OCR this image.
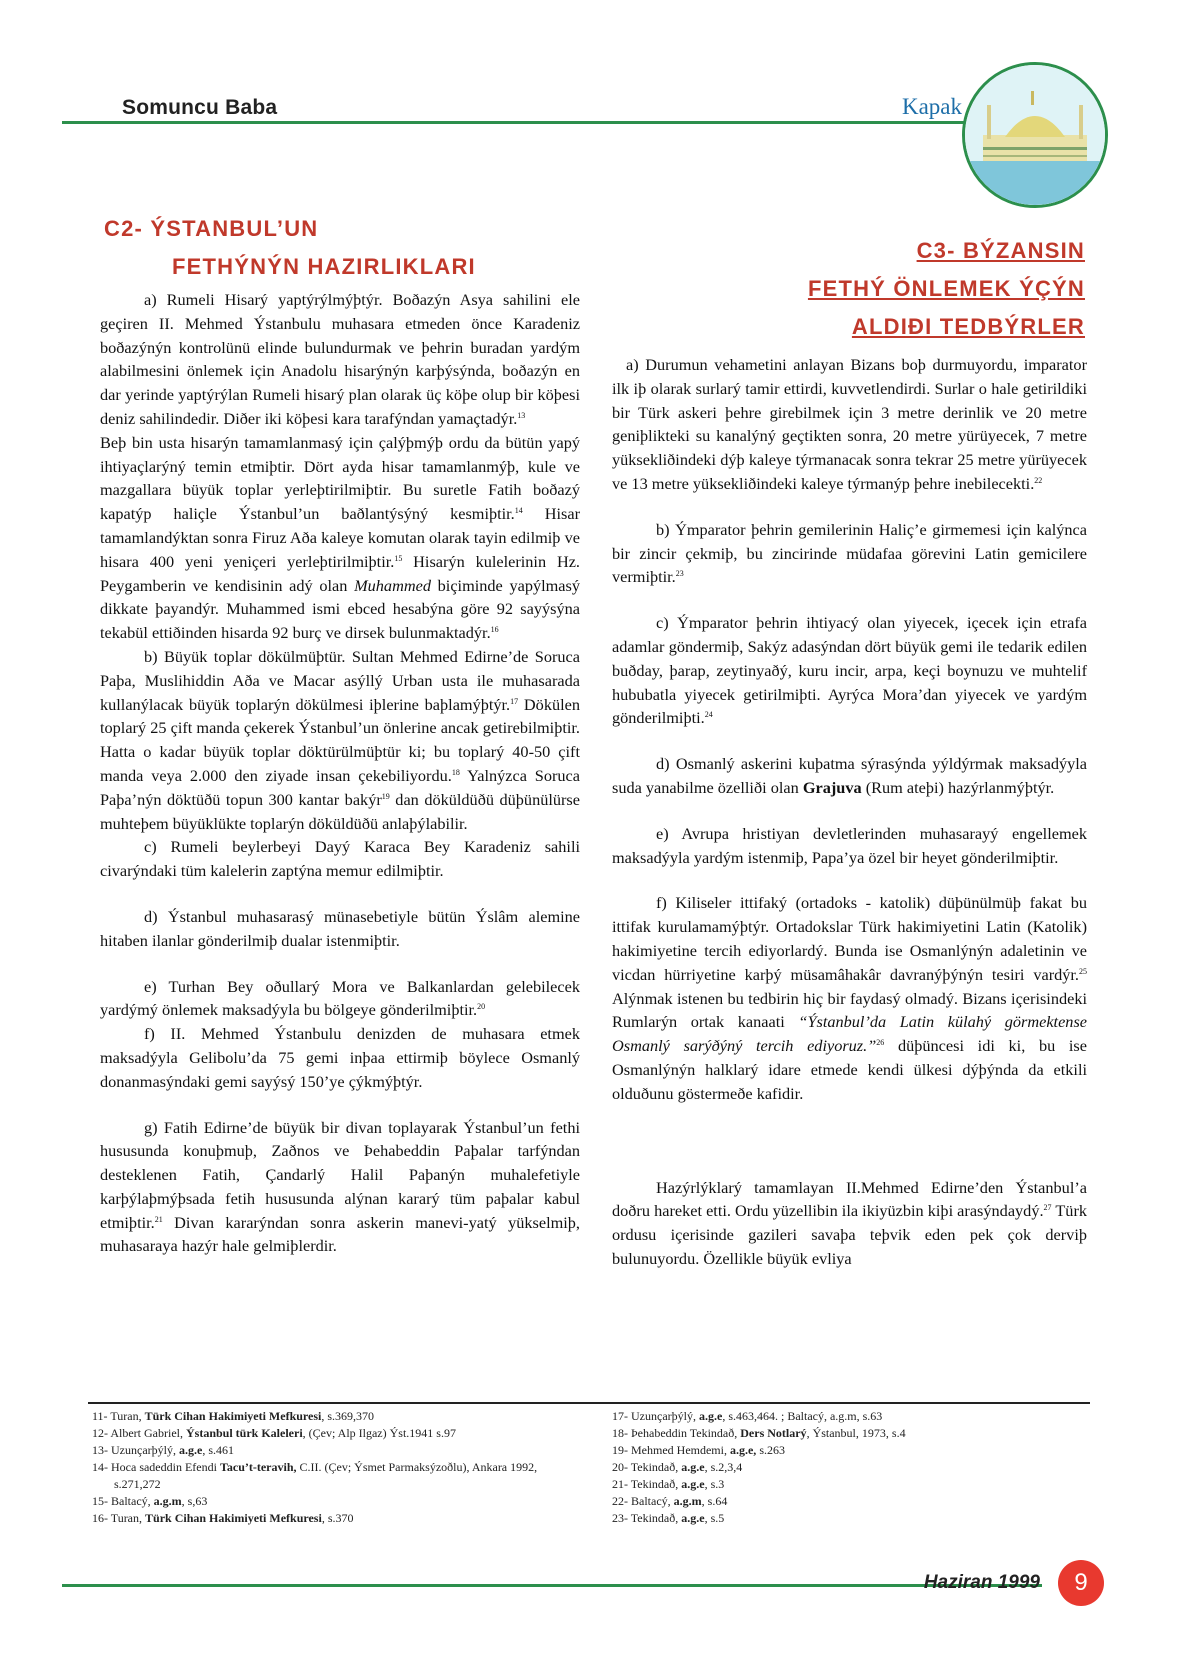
Somuncu Baba	Kapak
C2- ÝSTANBUL’UN
FETHÝNÝN HAZIRLIKLARI

a) Rumeli Hisarý yaptýrýlmýþtýr. Boðazýn Asya sahilini ele geçiren II. Mehmed Ýstanbulu muhasara etmeden önce Karadeniz boðazýnýn kontrolünü elinde bulundurmak ve þehrin buradan yardým alabilmesini önlemek için Anadolu hisarýnýn karþýsýnda, boðazýn en dar yerinde yaptýrýlan Rumeli hisarý plan olarak üç köþe olup bir köþesi deniz sahilindedir. Diðer iki köþesi kara tarafýndan yamaçtadýr.$^{13}$

Beþ bin usta hisarýn tamamlanmasý için çalýþmýþ ordu da bütün yapý ihtiyaçlarýný temin etmiþtir. Dört ayda hisar tamamlanmýþ, kule ve mazgallara büyük toplar yerleþtirilmiþtir. Bu suretle Fatih boðazý kapatýp haliçle Ýstanbul’un baðlantýsýný kesmiþtir.$^{14}$ Hisar tamamlandýktan sonra Firuz Aða kaleye komutan olarak tayin edilmiþ ve hisara 400 yeni yeniçeri yerleþtirilmiþtir.$^{15}$ Hisarýn kulelerinin Hz. Peygamberin ve kendisinin adý olan Muhammed biçiminde yapýlmasý dikkate þayandýr. Muhammed ismi ebced hesabýna göre 92 sayýsýna tekabül ettiðinden hisarda 92 burç ve dirsek bulunmaktadýr.$^{16}$

b) Büyük toplar dökülmüþtür. Sultan Mehmed Edirne’de Soruca Paþa, Muslihiddin Aða ve Macar asýllý Urban usta ile muhasarada kullanýlacak büyük toplarýn dökülmesi iþlerine baþlamýþtýr.$^{17}$ Dökülen toplarý 25 çift manda çekerek Ýstanbul’un önlerine ancak getirebilmiþtir. Hatta o kadar büyük toplar döktürülmüþtür ki; bu toplarý 40-50 çift manda veya 2.000 den ziyade insan çekebiliyordu.$^{18}$ Yalnýzca Soruca Paþa’nýn döktüðü topun 300 kantar bakýr$^{19}$ dan döküldüðü düþünülürse muhteþem büyüklükte toplarýn döküldüðü anlaþýlabilir.

c) Rumeli beylerbeyi Dayý Karaca Bey Karadeniz sahili civarýndaki tüm kalelerin zaptýna memur edilmiþtir.

d) Ýstanbul muhasarasý münasebetiyle bütün Ýslâm alemine hitaben ilanlar gönderilmiþ dualar istenmiþtir.

e) Turhan Bey oðullarý Mora ve Balkanlardan gelebilecek yardýmý önlemek maksadýyla bu bölgeye gönderilmiþtir.$^{20}$

f) II. Mehmed Ýstanbulu denizden de muhasara etmek maksadýyla Gelibolu’da 75 gemi inþaa ettirmiþ böylece Osmanlý donanmasýndaki gemi sayýsý 150’ye çýkmýþtýr.

g) Fatih Edirne’de büyük bir divan toplayarak Ýstanbul’un fethi hususunda konuþmuþ, Zaðnos ve Þehabeddin Paþalar tarfýndan desteklenen Fatih, Çandarlý Halil Paþanýn muhalefetiyle karþýlaþmýþsada fetih hususunda alýnan kararý tüm paþalar kabul etmiþtir.$^{21}$ Divan kararýndan sonra askerin manevi-yatý yükselmiþ, muhasaraya hazýr hale gelmiþlerdir.

C3- BÝZANSIN
FETHÝ ÖNLEMEK ÝÇÝN
ALDIÐI TEDBÝRLER

a) Durumun vehametini anlayan Bizans boþ durmuyordu, imparator ilk iþ olarak surlarý tamir ettirdi, kuvvetlendirdi. Surlar o hale getirildiki bir Türk askeri þehre girebilmek için 3 metre derinlik ve 20 metre geniþlikteki su kanalýný geçtikten sonra, 20 metre yürüyecek, 7 metre yüksekliðindeki dýþ kaleye týrmanacak sonra tekrar 25 metre yürüyecek ve 13 metre yüksekliðindeki kaleye týrmanýp þehre inebilecekti.$^{22}$

b) Ýmparator þehrin gemilerinin Haliç’e girmemesi için kalýnca bir zincir çekmiþ, bu zincirinde müdafaa görevini Latin gemicilere vermiþtir.$^{23}$

c) Ýmparator þehrin ihtiyacý olan yiyecek, içecek için etrafa adamlar göndermiþ, Sakýz adasýndan dört büyük gemi ile tedarik edilen buðday, þarap, zeytinyaðý, kuru incir, arpa, keçi boynuzu ve muhtelif hububatla yiyecek getirilmiþti. Ayrýca Mora’dan yiyecek ve yardým gönderilmiþti.$^{24}$

d) Osmanlý askerini kuþatma sýrasýnda yýldýrmak maksadýyla suda yanabilme özelliði olan Grajuva (Rum ateþi) hazýrlanmýþtýr.

e) Avrupa hristiyan devletlerinden muhasarayý engellemek maksadýyla yardým istenmiþ, Papa’ya özel bir heyet gönderilmiþtir.

f) Kiliseler ittifaký (ortadoks - katolik) düþünülmüþ fakat bu ittifak kurulamamýþtýr. Ortadokslar Türk hakimiyetini Latin (Katolik) hakimiyetine tercih ediyorlardý. Bunda ise Osmanlýnýn adaletinin ve vicdan hürriyetine karþý müsamâhakâr davranýþýnýn tesiri vardýr.$^{25}$ Alýnmak istenen bu tedbirin hiç bir faydasý olmadý. Bizans içerisindeki Rumlarýn ortak kanaati “Ýstanbul’da Latin külahý görmektense Osmanlý sarýðýný tercih ediyoruz.”$^{26}$ düþüncesi idi ki, bu ise Osmanlýnýn halklarý idare etmede kendi ülkesi dýþýnda da etkili olduðunu göstermeðe kafidir.

Hazýrlýklarý tamamlayan II.Mehmed Edirne’den Ýstanbul’a doðru hareket etti. Ordu yüzellibin ila ikiyüzbin kiþi arasýndaydý.$^{27}$ Türk ordusu içerisinde gazileri savaþa teþvik eden pek çok derviþ bulunuyordu. Özellikle büyük evliya

11- Turan, Türk Cihan Hakimiyeti Mefkuresi, s.369,370
12- Albert Gabriel, Ýstanbul türk Kaleleri, (Çev; Alp Ilgaz) Ýst.1941 s.97
13- Uzunçarþýlý, a.g.e, s.461
14- Hoca sadeddin Efendi Tacu’t-teravih, C.II. (Çev; Ýsmet Parmaksýzoðlu), Ankara 1992, s.271,272
15- Baltacý, a.g.m, s,63
16- Turan, Türk Cihan Hakimiyeti Mefkuresi, s.370
17- Uzunçarþýlý, a.g.e, s.463,464. ; Baltacý, a.g.m, s.63
18- Þehabeddin Tekindað, Ders Notlarý, Ýstanbul, 1973, s.4
19- Mehmed Hemdemi, a.g.e, s.263
20- Tekindað, a.g.e, s.2,3,4
21- Tekindað, a.g.e, s.3
22- Baltacý, a.g.m, s.64
23- Tekindað, a.g.e, s.5
Haziran 1999	9
